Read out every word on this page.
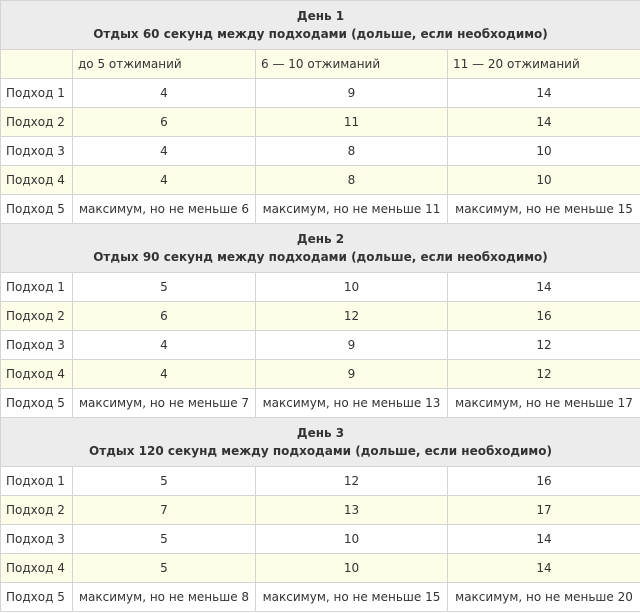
День 1
Отдых 60 секунд между подходами (дольше, если необходимо)			

	до 5 отжиманий	6 — 10 отжиманий	11 — 20 отжиманий
Подход 1	4	9	14
Подход 2	6	11	14
Подход 3	4	8	10
Подход 4	4	8	10
Подход 5	максимум, но не меньше 6	максимум, но не меньше 11	максимум, но не меньше 15

День 2
Отдых 90 секунд между подходами (дольше, если необходимо)			

Подход 1	5	10	14
Подход 2	6	12	16
Подход 3	4	9	12
Подход 4	4	9	12
Подход 5	максимум, но не меньше 7	максимум, но не меньше 13	максимум, но не меньше 17

День 3
Отдых 120 секунд между подходами (дольше, если необходимо)			

Подход 1	5	12	16
Подход 2	7	13	17
Подход 3	5	10	14
Подход 4	5	10	14
Подход 5	максимум, но не меньше 8	максимум, но не меньше 15	максимум, но не меньше 20
